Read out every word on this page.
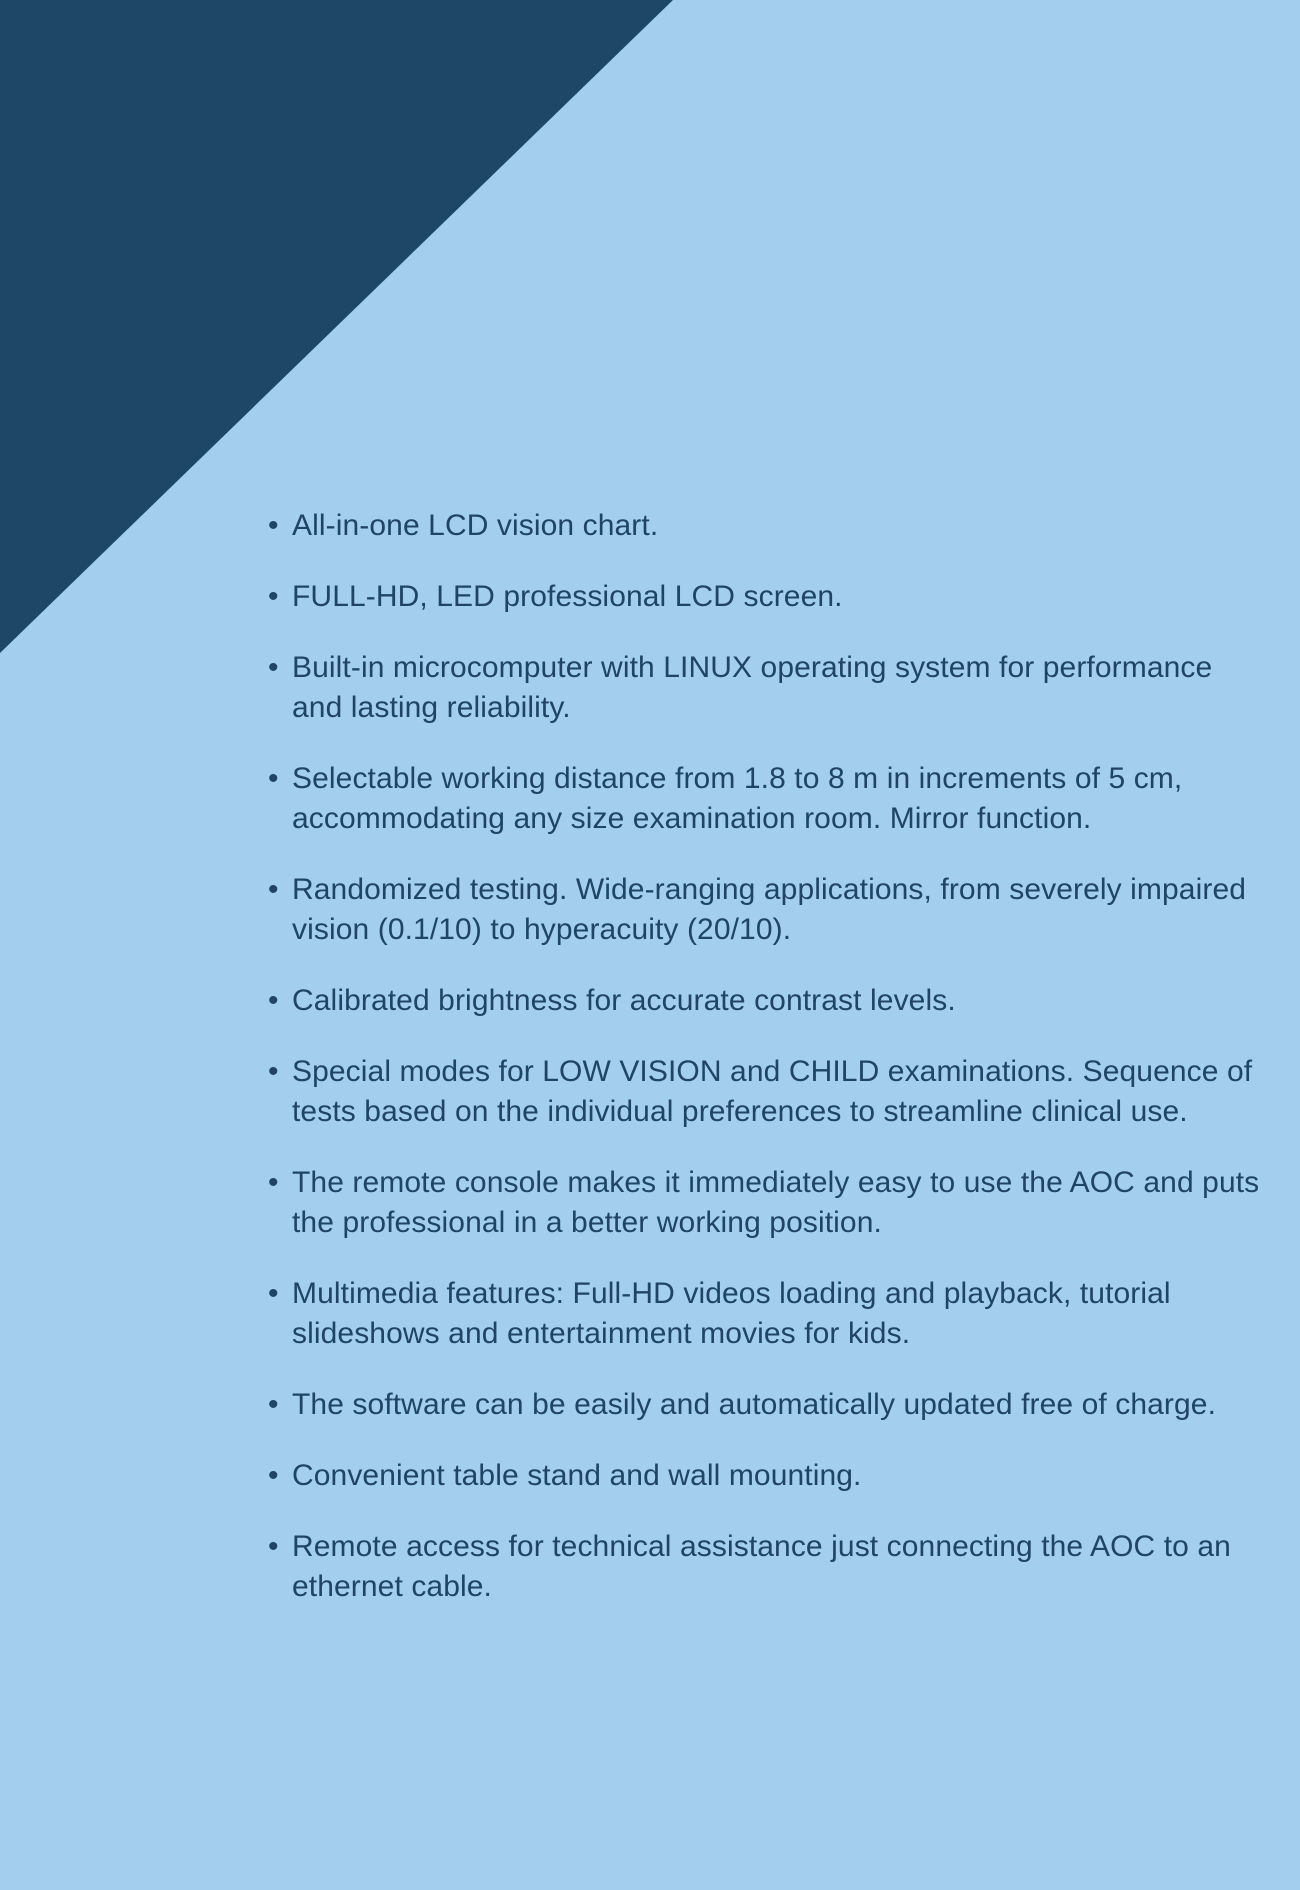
• All-in-one LCD vision chart.
• FULL-HD, LED professional LCD screen.
• Built-in microcomputer with LINUX operating system for performance and lasting reliability.
• Selectable working distance from 1.8 to 8 m in increments of 5 cm, accommodating any size examination room. Mirror function.
• Randomized testing. Wide-ranging applications, from severely impaired vision (0.1/10) to hyperacuity (20/10).
• Calibrated brightness for accurate contrast levels.
• Special modes for LOW VISION and CHILD examinations. Sequence of tests based on the individual preferences to streamline clinical use.
• The remote console makes it immediately easy to use the AOC and puts the professional in a better working position.
• Multimedia features: Full-HD videos loading and playback, tutorial slideshows and entertainment movies for kids.
• The software can be easily and automatically updated free of charge.
• Convenient table stand and wall mounting.
• Remote access for technical assistance just connecting the AOC to an ethernet cable.
